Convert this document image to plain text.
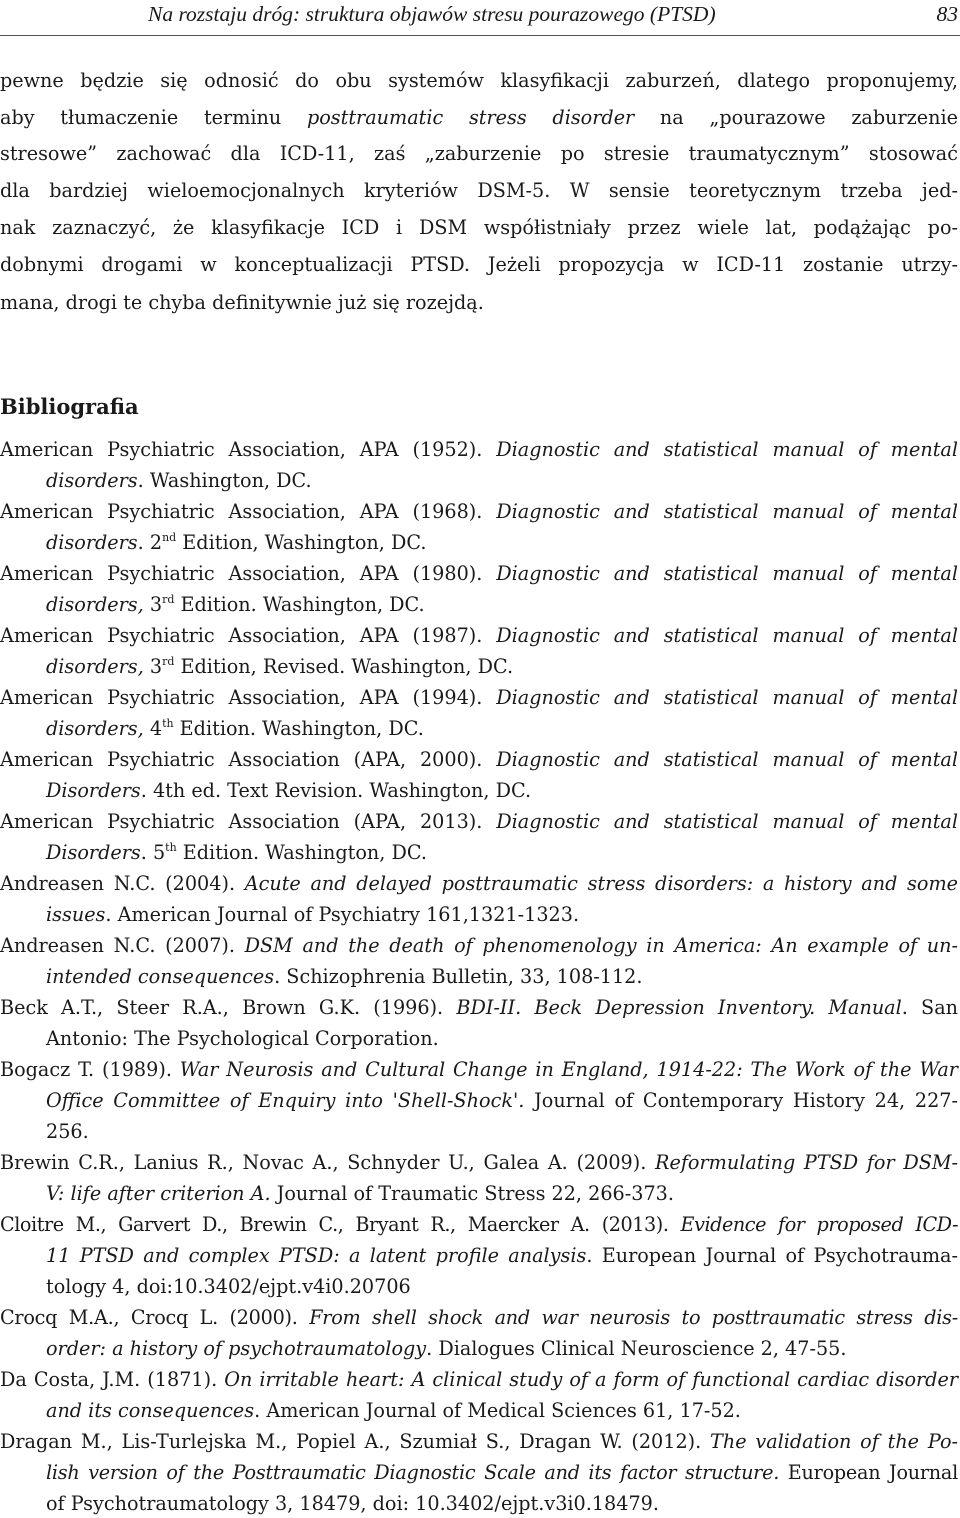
Na rozstaju dróg: struktura objawów stresu pourazowego (PTSD)	83
pewne będzie się odnosić do obu systemów klasyfikacji zaburzeń, dlatego proponujemy,
aby tłumaczenie terminu posttraumatic stress disorder na „pourazowe zaburzenie
stresowe” zachować dla ICD-11, zaś „zaburzenie po stresie traumatycznym” stosować
dla bardziej wieloemocjonalnych kryteriów DSM-5. W sensie teoretycznym trzeba jed-
nak zaznaczyć, że klasyfikacje ICD i DSM współistniały przez wiele lat, podążając po-
dobnymi drogami w konceptualizacji PTSD. Jeżeli propozycja w ICD-11 zostanie utrzy-
mana, drogi te chyba definitywnie już się rozejdą.
Bibliografia
American Psychiatric Association, APA (1952). Diagnostic and statistical manual of mental
disorders. Washington, DC.
American Psychiatric Association, APA (1968). Diagnostic and statistical manual of mental
disorders. 2nd Edition, Washington, DC.
American Psychiatric Association, APA (1980). Diagnostic and statistical manual of mental
disorders, 3rd Edition. Washington, DC.
American Psychiatric Association, APA (1987). Diagnostic and statistical manual of mental
disorders, 3rd Edition, Revised. Washington, DC.
American Psychiatric Association, APA (1994). Diagnostic and statistical manual of mental
disorders, 4th Edition. Washington, DC.
American Psychiatric Association (APA, 2000). Diagnostic and statistical manual of mental
Disorders. 4th ed. Text Revision. Washington, DC.
American Psychiatric Association (APA, 2013). Diagnostic and statistical manual of mental
Disorders. 5th Edition. Washington, DC.
Andreasen N.C. (2004). Acute and delayed posttraumatic stress disorders: a history and some
issues. American Journal of Psychiatry 161,1321-1323.
Andreasen N.C. (2007). DSM and the death of phenomenology in America: An example of un-
intended consequences. Schizophrenia Bulletin, 33, 108-112.
Beck A.T., Steer R.A., Brown G.K. (1996). BDI-II. Beck Depression Inventory. Manual. San
Antonio: The Psychological Corporation.
Bogacz T. (1989). War Neurosis and Cultural Change in England, 1914-22: The Work of the War
Office Committee of Enquiry into 'Shell-Shock'. Journal of Contemporary History 24, 227-
256.
Brewin C.R., Lanius R., Novac A., Schnyder U., Galea A. (2009). Reformulating PTSD for DSM-
V: life after criterion A. Journal of Traumatic Stress 22, 266-373.
Cloitre M., Garvert D., Brewin C., Bryant R., Maercker A. (2013). Evidence for proposed ICD-
11 PTSD and complex PTSD: a latent profile analysis. European Journal of Psychotrauma-
tology 4, doi:10.3402/ejpt.v4i0.20706
Crocq M.A., Crocq L. (2000). From shell shock and war neurosis to posttraumatic stress dis-
order: a history of psychotraumatology. Dialogues Clinical Neuroscience 2, 47-55.
Da Costa, J.M. (1871). On irritable heart: A clinical study of a form of functional cardiac disorder
and its consequences. American Journal of Medical Sciences 61, 17-52.
Dragan M., Lis-Turlejska M., Popiel A., Szumiał S., Dragan W. (2012). The validation of the Po-
lish version of the Posttraumatic Diagnostic Scale and its factor structure. European Journal
of Psychotraumatology 3, 18479, doi: 10.3402/ejpt.v3i0.18479.
